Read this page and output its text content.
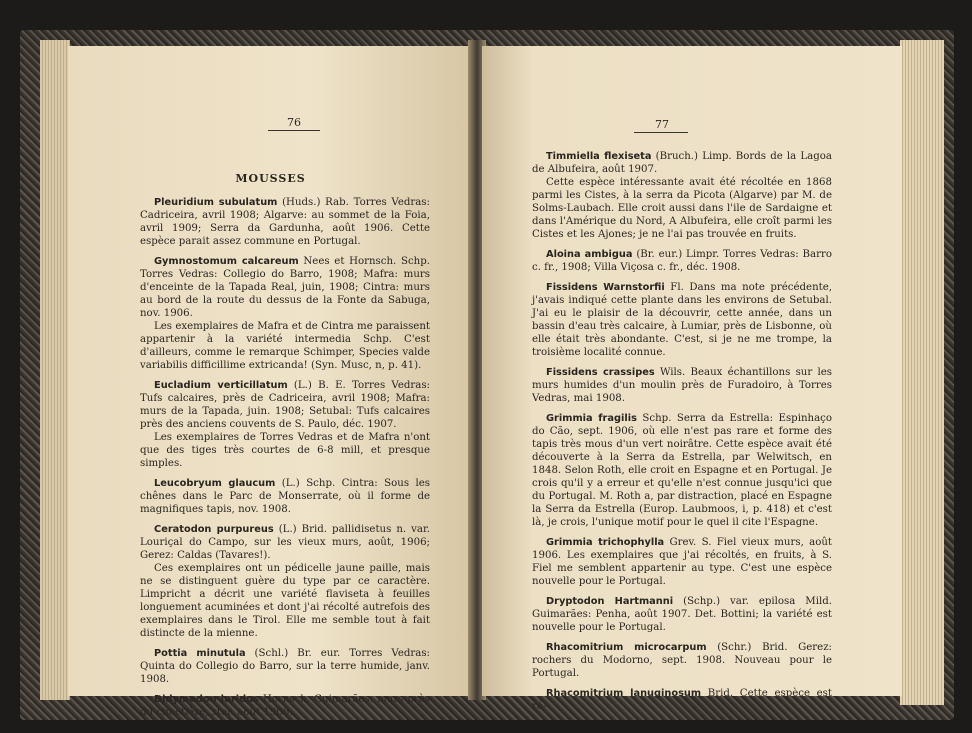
76
MOUSSES
Pleuridium subulatum (Huds.) Rab. Torres Vedras: Cadriceira, avril 1908; Algarve: au sommet de la Foia, avril 1909; Serra da Gardunha, août 1906. Cette espèce parait assez commune en Portugal.
Gymnostomum calcareum Nees et Hornsch. Schp. Torres Vedras: Collegio do Barro, 1908; Mafra: murs d'enceinte de la Tapada Real, juin, 1908; Cintra: murs au bord de la route du dessus de la Fonte da Sabuga, nov. 1906.

Les exemplaires de Mafra et de Cintra me paraissent appartenir à la variété intermedia Schp. C'est d'ailleurs, comme le remarque Schimper, Species valde variabilis difficillime extricanda! (Syn. Musc, n, p. 41).

Eucladium verticillatum (L.) B. E. Torres Vedras: Tufs calcaires, près de Cadriceira, avril 1908; Mafra: murs de la Tapada, juin. 1908; Setubal: Tufs calcaires près des anciens couvents de S. Paulo, déc. 1907.

Les exemplaires de Torres Vedras et de Mafra n'ont que des tiges très courtes de 6-8 mill, et presque simples.

Leucobryum glaucum (L.) Schp. Cintra: Sous les chênes dans le Parc de Monserrate, où il forme de magnifiques tapis, nov. 1908.
Ceratodon purpureus (L.) Brid. pallidisetus n. var. Louriçal do Campo, sur les vieux murs, août, 1906; Gerez: Caldas (Tavares!).

Ces exemplaires ont un pédicelle jaune paille, mais ne se distinguent guère du type par ce caractère. Limpricht a décrit une variété flavisetа à feuilles longuement acuminées et dont j'ai récolté autrefois des exemplaires dans le Tirol. Elle me semble tout à fait distincte de la mienne.

Pottia minutula (Schl.) Br. eur. Torres Vedras: Quinta do Collegio do Barro, sur la terre humide, janv. 1908.
Didymodon luridus Hornsch. Guimarães: murs près du cimetière, ster. août 1906.
77
Timmiella flexiseta (Bruch.) Limp. Bords de la Lagoa de Albufeira, août 1907.

Cette espèce intéressante avait été récoltée en 1868 parmi les Cistes, à la serra da Picota (Algarve) par M. de Solms-Laubach. Elle croit aussi dans l'ile de Sardaigne et dans l'Amérique du Nord, A Albufeira, elle croît parmi les Cistes et les Ajones; je ne l'ai pas trouvée en fruits.

Aloina ambigua (Br. eur.) Limpr. Torres Vedras: Barro c. fr., 1908; Villa Viçosa c. fr., déc. 1908.
Fissidens Warnstorfii Fl. Dans ma note précédente, j'avais indiqué cette plante dans les environs de Setubal. J'ai eu le plaisir de la découvrir, cette année, dans un bassin d'eau très calcaire, à Lumiar, près de Lisbonne, où elle était très abondante. C'est, si je ne me trompe, la troisième localité connue.
Fissidens crassipes Wils. Beaux échantillons sur les murs humides d'un moulin près de Furadoiro, à Torres Vedras, mai 1908.
Grimmia fragilis Schp. Serra da Estrella: Espinhaço do Cão, sept. 1906, où elle n'est pas rare et forme des tapis très mous d'un vert noirâtre. Cette espèce avait été découverte à la Serra da Estrella, par Welwitsch, en 1848. Selon Roth, elle croit en Espagne et en Portugal. Je crois qu'il y a erreur et qu'elle n'est connue jusqu'ici que du Portugal. M. Roth a, par distraction, placé en Espagne la Serra da Estrella (Europ. Laubmoos, i, p. 418) et c'est là, je crois, l'unique motif pour le quel il cite l'Espagne.
Grimmia trichophylla Grev. S. Fiel vieux murs, août 1906. Les exemplaires que j'ai récoltés, en fruits, à S. Fiel me semblent appartenir au type. C'est une espèce nouvelle pour le Portugal.
Dryptodon Hartmanni (Schp.) var. epilosa Mild. Guimarães: Penha, août 1907. Det. Bottini; la variété est nouvelle pour le Portugal.
Rhacomitrium microcarpum (Schr.) Brid. Gerez: rochers du Modorno, sept. 1908. Nouveau pour le Portugal.
Rhacomitrium lanuginosum Brid. Cette espèce est ré-
